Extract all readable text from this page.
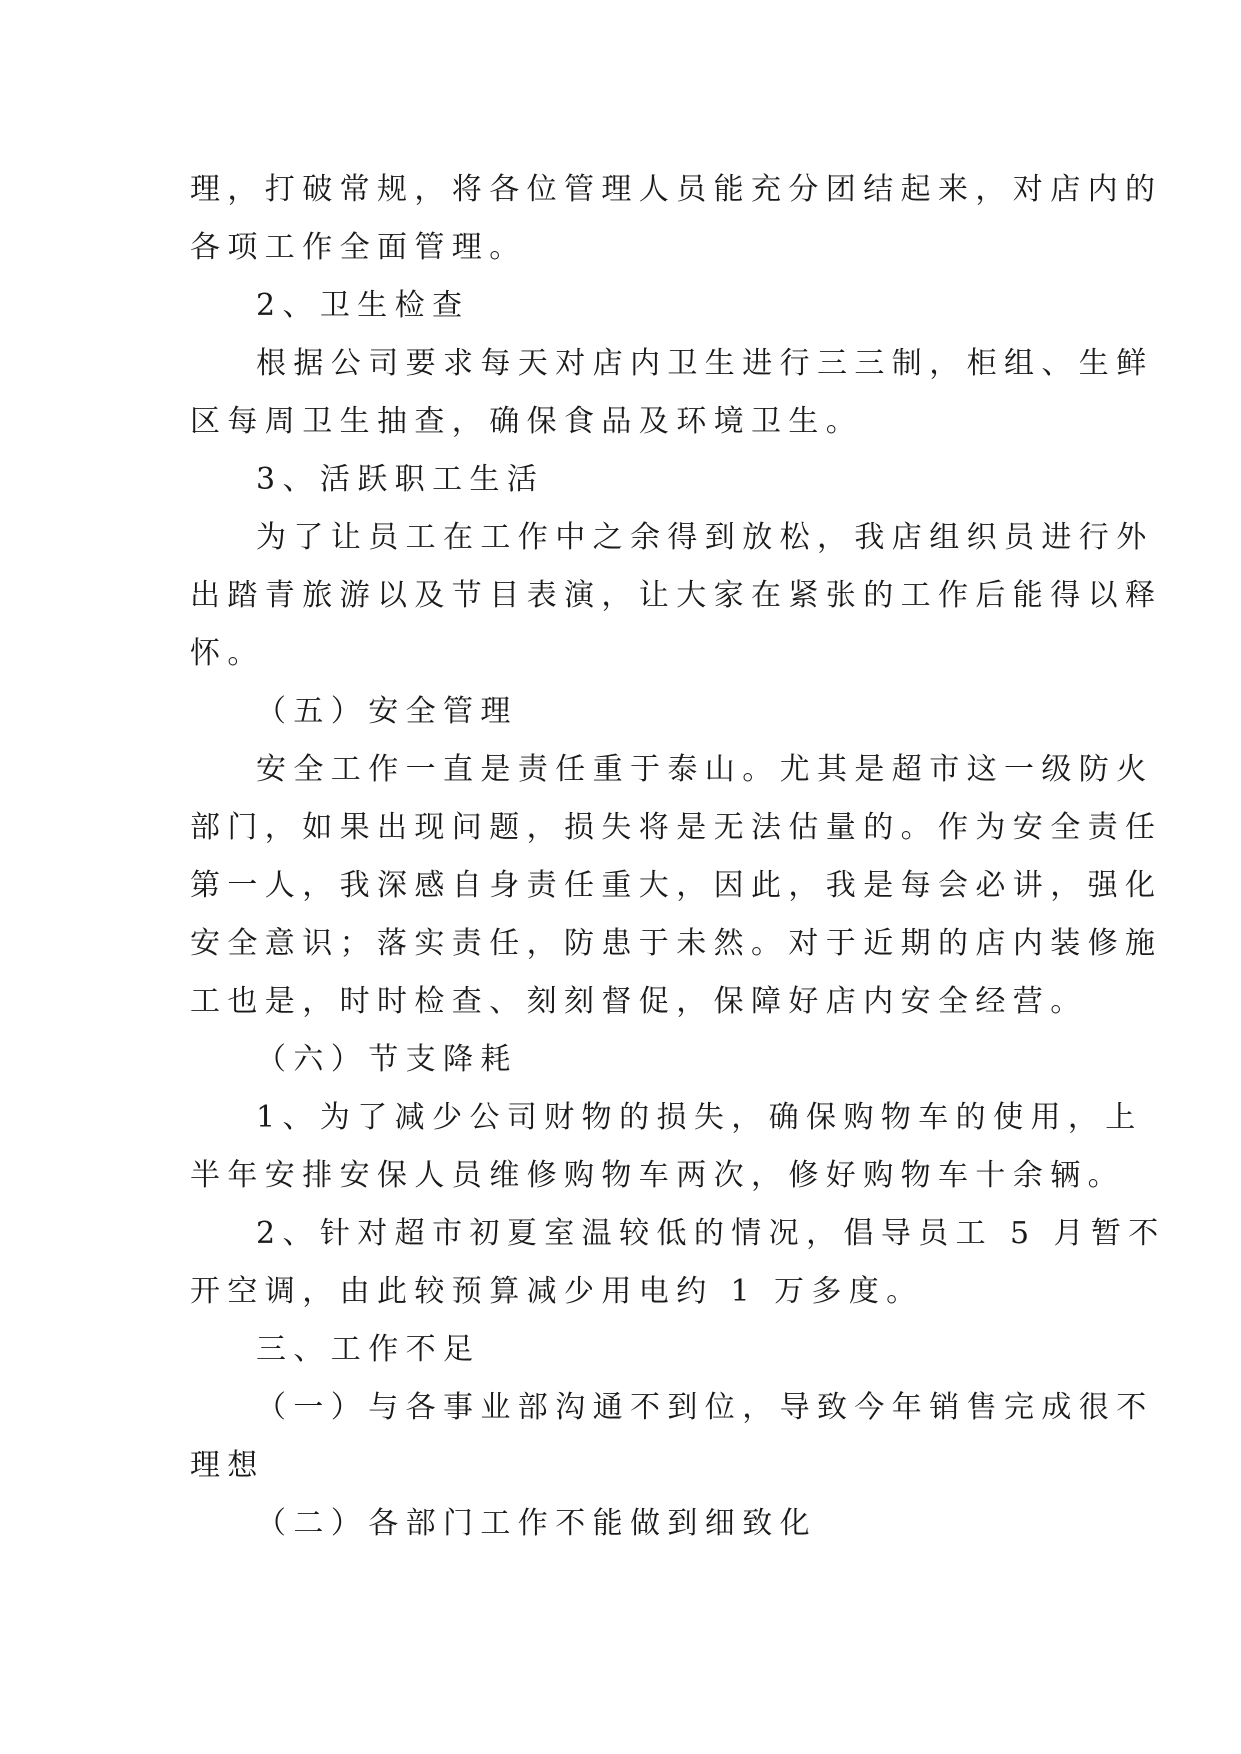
理，打破常规，将各位管理人员能充分团结起来，对店内的
各项工作全面管理。
2、卫生检查
根据公司要求每天对店内卫生进行三三制，柜组、生鲜
区每周卫生抽查，确保食品及环境卫生。
3、活跃职工生活
为了让员工在工作中之余得到放松，我店组织员进行外
出踏青旅游以及节目表演，让大家在紧张的工作后能得以释
怀。
（五）安全管理
安全工作一直是责任重于泰山。尤其是超市这一级防火
部门，如果出现问题，损失将是无法估量的。作为安全责任
第一人，我深感自身责任重大，因此，我是每会必讲，强化
安全意识；落实责任，防患于未然。对于近期的店内装修施
工也是，时时检查、刻刻督促，保障好店内安全经营。
（六）节支降耗
1、为了减少公司财物的损失，确保购物车的使用，上
半年安排安保人员维修购物车两次，修好购物车十余辆。
2、针对超市初夏室温较低的情况，倡导员工 5 月暂不
开空调，由此较预算减少用电约 1 万多度。
三、工作不足
（一）与各事业部沟通不到位，导致今年销售完成很不
理想
（二）各部门工作不能做到细致化
